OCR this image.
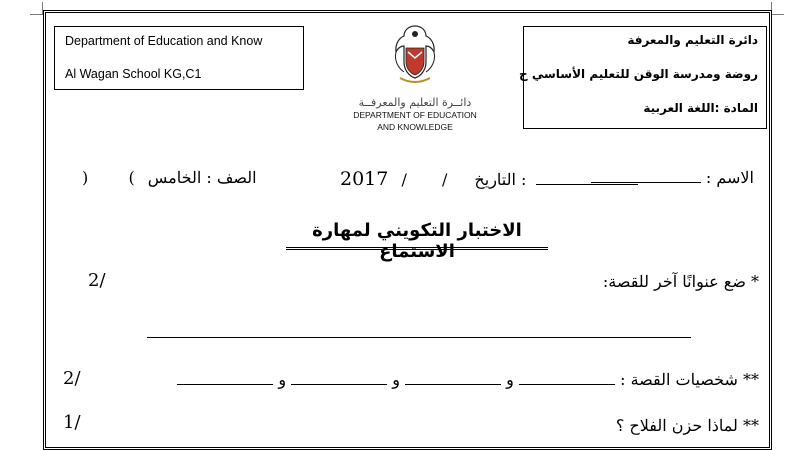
Department of Education and Know
Al Wagan School KG,C1
دائــرة التعليم والمعرفــة
DEPARTMENT OF EDUCATION
AND KNOWLEDGE
دائرة التعليم والمعرفة
روضة ومدرسة الوقن للتعليم الأساسي ح
المادة :اللغة العربية
الاسم :
2017 / / التاريخ :
)	( الصف : الخامس
الاختبار التكويني لمهارة الاستماع
* ضع عنوانًا آخر للقصة:
2/
** شخصيات القصة :  و  و  و
2/
** لماذا حزن الفلاح ؟
1/
